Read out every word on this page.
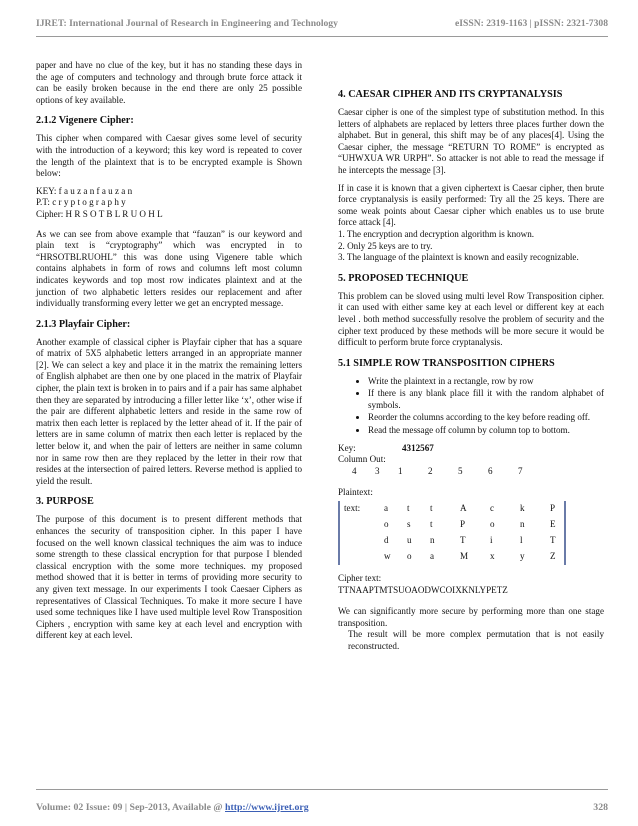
IJRET: International Journal of Research in Engineering and Technology	eISSN: 2319-1163 | pISSN: 2321-7308

paper and have no clue of the key, but it has no standing these days in the age of computers and technology and through brute force attack it can be easily broken because in the end there are only 25 possible options of key available.

2.1.2 Vigenere Cipher:

This cipher when compared with Caesar gives some level of security with the introduction of a keyword; this key word is repeated to cover the length of the plaintext that is to be encrypted example is Shown below:

KEY: f a u z a n f a u z a n
P.T: c r y p t o g r a p h y
Cipher: H R S O T B L R U O H L

As we can see from above example that “fauzan” is our keyword and plain text is “cryptography” which was encrypted in to “HRSOTBLRUOHL” this was done using Vigenere table which contains alphabets in form of rows and columns left most column indicates keywords and top most row indicates plaintext and at the junction of two alphabetic letters resides our replacement and after individually transforming every letter we get an encrypted message.

2.1.3 Playfair Cipher:

Another example of classical cipher is Playfair cipher that has a square of matrix of 5X5 alphabetic letters arranged in an appropriate manner [2]. We can select a key and place it in the matrix the remaining letters of English alphabet are then one by one placed in the matrix of Playfair cipher, the plain text is broken in to pairs and if a pair has same alphabet then they are separated by introducing a filler letter like ‘x’, other wise if the pair are different alphabetic letters and reside in the same row of matrix then each letter is replaced by the letter ahead of it. If the pair of letters are in same column of matrix then each letter is replaced by the letter below it, and when the pair of letters are neither in same column nor in same row then are they replaced by the letter in their row that resides at the intersection of paired letters. Reverse method is applied to yield the result.

3. PURPOSE

The purpose of this document is to present different methods that enhances the security of transposition cipher. In this paper I have focused on the well known classical techniques the aim was to induce some strength to these classical encryption for that purpose I blended classical encryption with the some more techniques. my proposed method showed that it is better in terms of providing more security to any given text message. In our experiments I took Caesaer Ciphers as representatives of Classical Techniques. To make it more secure I have used some techniques like I have used multiple level Row Transposition Ciphers , encryption with same key at each level and encryption with different key at each level.

4. CAESAR CIPHER AND ITS CRYPTANALYSIS

Caesar cipher is one of the simplest type of substitution method. In this letters of alphabets are replaced by letters three places further down the alphabet. But in general, this shift may be of any places[4]. Using the Caesar cipher, the message “RETURN TO ROME” is encrypted as “UHWXUA WR URPH”. So attacker is not able to read the message if he intercepts the message [3].

If in case it is known that a given ciphertext is Caesar cipher, then brute force cryptanalysis is easily performed: Try all the 25 keys. There are some weak points about Caesar cipher which enables us to use brute force attack [4].

1. The encryption and decryption algorithm is known.
2. Only 25 keys are to try.
3. The language of the plaintext is known and easily recognizable.
5. PROPOSED TECHNIQUE

This problem can be sloved using multi level Row Transposition cipher. it can used with either same key at each level or different key at each level . both method successfully resolve the problem of security and the cipher text produced by these methods will be more secure it would be difficult to perform brute force cryptanalysis.

5.1 SIMPLE ROW TRANSPOSITION CIPHERS
• Write the plaintext in a rectangle, row by row
• If there is any blank place fill it with the random alphabet of symbols.
• Reorder the columns according to the key before reading off.
• Read the message off column by column top to bottom.
Key:	4312567
Column Out:
4	3	1	2	5	6	7
Plaintext:
text:	a	t	t	A	c	k	P
	o	s	t	P	o	n	E
	d	u	n	T	i	l	T
	w	o	a	M	x	y	Z
Cipher text:
TTNAAPTMTSUOAODWCOIXKNLYPETZ

We can significantly more secure by performing more than one stage transposition.

The result will be more complex permutation that is not easily reconstructed.

Volume: 02 Issue: 09 | Sep-2013, Available @ http://www.ijret.org	328
